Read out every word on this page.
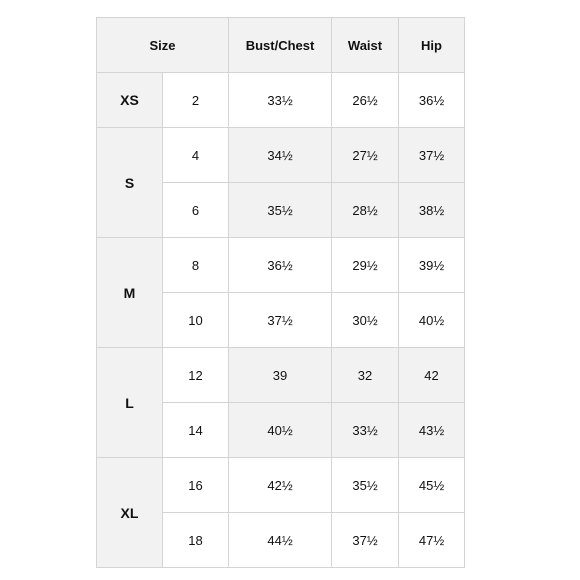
Size		Bust/Chest	Waist	Hip
XS	2	33½	26½	36½
S	4	34½	27½	37½
	6	35½	28½	38½
M	8	36½	29½	39½
	10	37½	30½	40½
L	12	39	32	42
	14	40½	33½	43½
XL	16	42½	35½	45½
	18	44½	37½	47½
